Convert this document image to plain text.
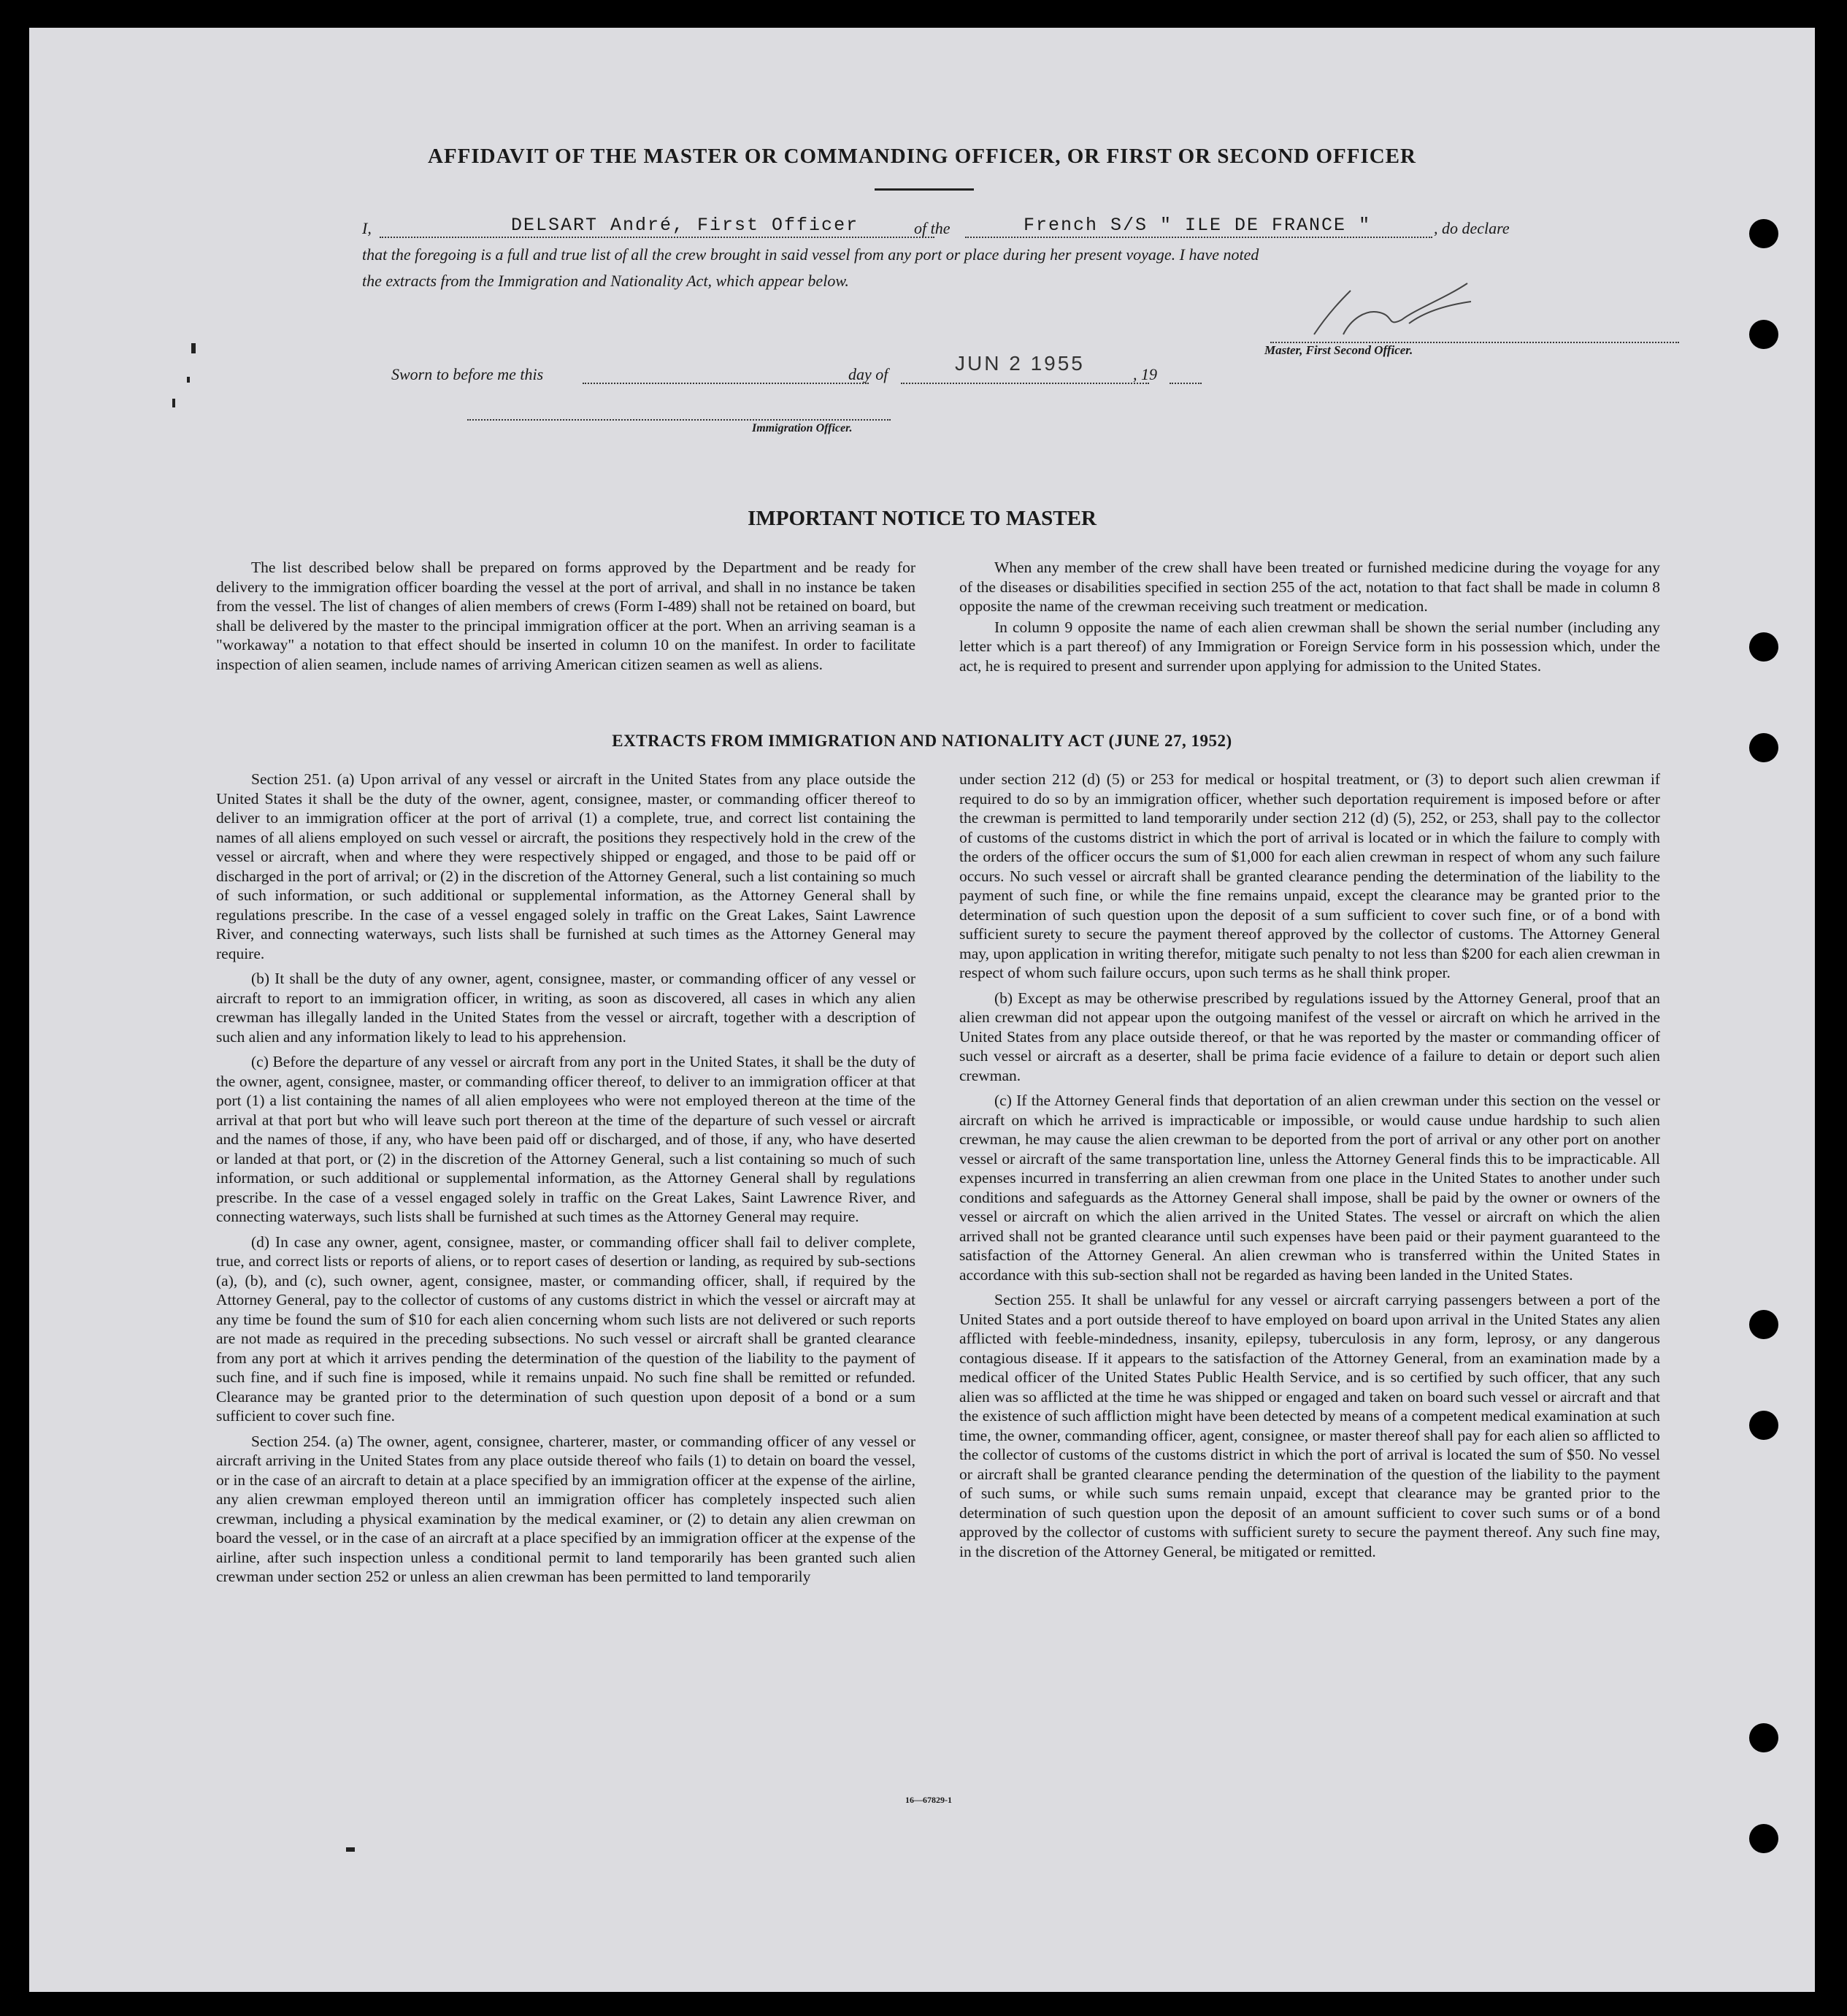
AFFIDAVIT OF THE MASTER OR COMMANDING OFFICER, OR FIRST OR SECOND OFFICER
I,	DELSART André, First Officer	of the	French S/S " ILE DE FRANCE "	, do declare
that the foregoing is a full and true list of all the crew brought in said vessel from any port or place during her present voyage. I have noted
the extracts from the Immigration and Nationality Act, which appear below.
Master, First Second Officer.
Sworn to before me this	day of	JUN 2 1955	, 19
Immigration Officer.
IMPORTANT NOTICE TO MASTER

The list described below shall be prepared on forms approved by the Department and be ready for delivery to the immigration officer boarding the vessel at the port of arrival, and shall in no instance be taken from the vessel. The list of changes of alien members of crews (Form I-489) shall not be retained on board, but shall be delivered by the master to the principal immigration officer at the port. When an arriving seaman is a "workaway" a notation to that effect should be inserted in column 10 on the manifest. In order to facilitate inspection of alien seamen, include names of arriving American citizen seamen as well as aliens.

When any member of the crew shall have been treated or furnished medicine during the voyage for any of the diseases or disabilities specified in section 255 of the act, notation to that fact shall be made in column 8 opposite the name of the crewman receiving such treatment or medication.

In column 9 opposite the name of each alien crewman shall be shown the serial number (including any letter which is a part thereof) of any Immigration or Foreign Service form in his possession which, under the act, he is required to present and surrender upon applying for admission to the United States.

EXTRACTS FROM IMMIGRATION AND NATIONALITY ACT (JUNE 27, 1952)

Section 251. (a) Upon arrival of any vessel or aircraft in the United States from any place outside the United States it shall be the duty of the owner, agent, consignee, master, or commanding officer thereof to deliver to an immigration officer at the port of arrival (1) a complete, true, and correct list containing the names of all aliens employed on such vessel or aircraft, the positions they respectively hold in the crew of the vessel or aircraft, when and where they were respectively shipped or engaged, and those to be paid off or discharged in the port of arrival; or (2) in the discretion of the Attorney General, such a list containing so much of such information, or such additional or supplemental information, as the Attorney General shall by regulations prescribe. In the case of a vessel engaged solely in traffic on the Great Lakes, Saint Lawrence River, and connecting waterways, such lists shall be furnished at such times as the Attorney General may require.

(b) It shall be the duty of any owner, agent, consignee, master, or commanding officer of any vessel or aircraft to report to an immigration officer, in writing, as soon as discovered, all cases in which any alien crewman has illegally landed in the United States from the vessel or aircraft, together with a description of such alien and any information likely to lead to his apprehension.

(c) Before the departure of any vessel or aircraft from any port in the United States, it shall be the duty of the owner, agent, consignee, master, or commanding officer thereof, to deliver to an immigration officer at that port (1) a list containing the names of all alien employees who were not employed thereon at the time of the arrival at that port but who will leave such port thereon at the time of the departure of such vessel or aircraft and the names of those, if any, who have been paid off or discharged, and of those, if any, who have deserted or landed at that port, or (2) in the discretion of the Attorney General, such a list containing so much of such information, or such additional or supplemental information, as the Attorney General shall by regulations prescribe. In the case of a vessel engaged solely in traffic on the Great Lakes, Saint Lawrence River, and connecting waterways, such lists shall be furnished at such times as the Attorney General may require.

(d) In case any owner, agent, consignee, master, or commanding officer shall fail to deliver complete, true, and correct lists or reports of aliens, or to report cases of desertion or landing, as required by sub-sections (a), (b), and (c), such owner, agent, consignee, master, or commanding officer, shall, if required by the Attorney General, pay to the collector of customs of any customs district in which the vessel or aircraft may at any time be found the sum of $10 for each alien concerning whom such lists are not delivered or such reports are not made as required in the preceding subsections. No such vessel or aircraft shall be granted clearance from any port at which it arrives pending the determination of the question of the liability to the payment of such fine, and if such fine is imposed, while it remains unpaid. No such fine shall be remitted or refunded. Clearance may be granted prior to the determination of such question upon deposit of a bond or a sum sufficient to cover such fine.

Section 254. (a) The owner, agent, consignee, charterer, master, or commanding officer of any vessel or aircraft arriving in the United States from any place outside thereof who fails (1) to detain on board the vessel, or in the case of an aircraft to detain at a place specified by an immigration officer at the expense of the airline, any alien crewman employed thereon until an immigration officer has completely inspected such alien crewman, including a physical examination by the medical examiner, or (2) to detain any alien crewman on board the vessel, or in the case of an aircraft at a place specified by an immigration officer at the expense of the airline, after such inspection unless a conditional permit to land temporarily has been granted such alien crewman under section 252 or unless an alien crewman has been permitted to land temporarily

under section 212 (d) (5) or 253 for medical or hospital treatment, or (3) to deport such alien crewman if required to do so by an immigration officer, whether such deportation requirement is imposed before or after the crewman is permitted to land temporarily under section 212 (d) (5), 252, or 253, shall pay to the collector of customs of the customs district in which the port of arrival is located or in which the failure to comply with the orders of the officer occurs the sum of $1,000 for each alien crewman in respect of whom any such failure occurs. No such vessel or aircraft shall be granted clearance pending the determination of the liability to the payment of such fine, or while the fine remains unpaid, except the clearance may be granted prior to the determination of such question upon the deposit of a sum sufficient to cover such fine, or of a bond with sufficient surety to secure the payment thereof approved by the collector of customs. The Attorney General may, upon application in writing therefor, mitigate such penalty to not less than $200 for each alien crewman in respect of whom such failure occurs, upon such terms as he shall think proper.

(b) Except as may be otherwise prescribed by regulations issued by the Attorney General, proof that an alien crewman did not appear upon the outgoing manifest of the vessel or aircraft on which he arrived in the United States from any place outside thereof, or that he was reported by the master or commanding officer of such vessel or aircraft as a deserter, shall be prima facie evidence of a failure to detain or deport such alien crewman.

(c) If the Attorney General finds that deportation of an alien crewman under this section on the vessel or aircraft on which he arrived is impracticable or impossible, or would cause undue hardship to such alien crewman, he may cause the alien crewman to be deported from the port of arrival or any other port on another vessel or aircraft of the same transportation line, unless the Attorney General finds this to be impracticable. All expenses incurred in transferring an alien crewman from one place in the United States to another under such conditions and safeguards as the Attorney General shall impose, shall be paid by the owner or owners of the vessel or aircraft on which the alien arrived in the United States. The vessel or aircraft on which the alien arrived shall not be granted clearance until such expenses have been paid or their payment guaranteed to the satisfaction of the Attorney General. An alien crewman who is transferred within the United States in accordance with this sub-section shall not be regarded as having been landed in the United States.

Section 255. It shall be unlawful for any vessel or aircraft carrying passengers between a port of the United States and a port outside thereof to have employed on board upon arrival in the United States any alien afflicted with feeble-mindedness, insanity, epilepsy, tuberculosis in any form, leprosy, or any dangerous contagious disease. If it appears to the satisfaction of the Attorney General, from an examination made by a medical officer of the United States Public Health Service, and is so certified by such officer, that any such alien was so afflicted at the time he was shipped or engaged and taken on board such vessel or aircraft and that the existence of such affliction might have been detected by means of a competent medical examination at such time, the owner, commanding officer, agent, consignee, or master thereof shall pay for each alien so afflicted to the collector of customs of the customs district in which the port of arrival is located the sum of $50. No vessel or aircraft shall be granted clearance pending the determination of the question of the liability to the payment of such sums, or while such sums remain unpaid, except that clearance may be granted prior to the determination of such question upon the deposit of an amount sufficient to cover such sums or of a bond approved by the collector of customs with sufficient surety to secure the payment thereof. Any such fine may, in the discretion of the Attorney General, be mitigated or remitted.

16—67829-1
